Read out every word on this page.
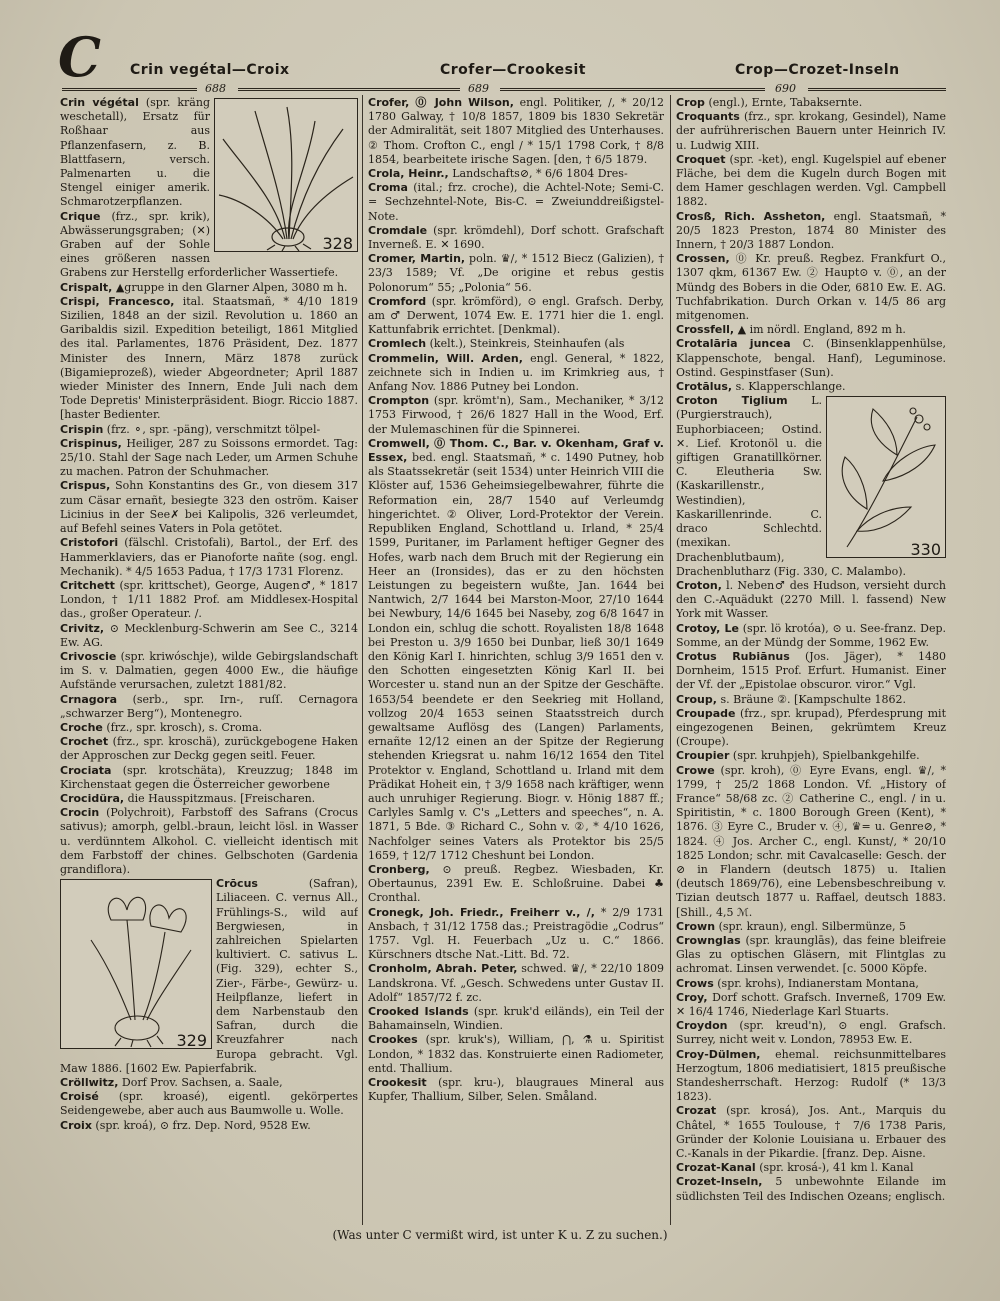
C Crin vegétal—Croix	Crofer—Crookesit	Crop—Crozet-Inseln
688	689	690
328
Crin végétal (spr. kräng weschetall), Ersatz für Roßhaar aus Pflanzenfasern, z. B. Blattfasern, versch. Palmenarten u. die Stengel einiger amerik. Schmarotzerpflanzen.
Crique (frz., spr. krik), Abwässerungsgraben; (✕) Graben auf der Sohle eines größeren nassen Grabens zur Herstellg erforderlicher Wassertiefe.
Crispalt, ▲gruppe in den Glarner Alpen, 3080 m h.
Crispi, Francesco, ital. Staatsmañ, * 4/10 1819 Sizilien, 1848 an der sizil. Revolution u. 1860 an Garibaldis sizil. Expedition beteiligt, 1861 Mitglied des ital. Parlamentes, 1876 Präsident, Dez. 1877 Minister des Innern, März 1878 zurück (Bigamieprozeß), wieder Abgeordneter; April 1887 wieder Minister des Innern, Ende Juli nach dem Tode Depretis' Ministerpräsident. Biogr. Riccio 1887. [haster Bedienter.
Crispin (frz. ⚬, spr. -päng), verschmitzt tölpel-
Crispinus, Heiliger, 287 zu Soissons ermordet. Tag: 25/10. Stahl der Sage nach Leder, um Armen Schuhe zu machen. Patron der Schuhmacher.
Crispus, Sohn Konstantins des Gr., von diesem 317 zum Cäsar ernañt, besiegte 323 den oström. Kaiser Licinius in der See✗ bei Kalipolis, 326 verleumdet, auf Befehl seines Vaters in Pola getötet.
Cristofori (fälschl. Cristofali), Bartol., der Erf. des Hammerklaviers, das er Pianoforte nañte (sog. engl. Mechanik). * 4/5 1653 Padua, † 17/3 1731 Florenz.
Critchett (spr. krittschet), George, Augen♂, * 1817 London, † 1/11 1882 Prof. am Middlesex-Hospital das., großer Operateur. /.
Crivitz, ⊙ Mecklenburg-Schwerin am See C., 3214 Ew. AG.
Crivoscie (spr. kriwóschje), wilde Gebirgslandschaft im S. v. Dalmatien, gegen 4000 Ew., die häufige Aufstände verursachen, zuletzt 1881/82.
Crnagora (serb., spr. Irn-, ruſſ. Cernagora „schwarzer Berg“), Montenegro.
Croche (frz., spr. krosch), s. Croma.
Crochet (frz., spr. kroschä), zurückgebogene Haken der Approschen zur Deckg gegen seitl. Feuer.
Crociata (spr. krotschäta), Kreuzzug; 1848 im Kirchenstaat gegen die Österreicher geworbene
Crocidüra, die Hausspitzmaus. [Freischaren.
Crocin (Polychroit), Farbstoff des Safrans (Crocus sativus); amorph, gelbl.-braun, leicht lösl. in Wasser u. verdünntem Alkohol. C. vielleicht identisch mit dem Farbstoff der chines. Gelbschoten (Gardenia grandiflora).
329
Crōcus	(Safran), Liliaceen. C. vernus All., Frühlings-S., wild auf Bergwiesen, in zahlreichen Spielarten kultiviert. C. sativus L. (Fig. 329), echter S., Zier-, Färbe-, Gewürz- u. Heilpflanze, liefert in dem Narbenstaub den Safran, durch die Kreuzfahrer nach Europa gebracht. Vgl. Maw 1886. [1602 Ew. Papierfabrik.
Cröllwitz, Dorf Prov. Sachsen, a. Saale,
Croisé (spr. kroasé), eigentl. gekörpertes Seidengewebe, aber auch aus Baumwolle u. Wolle.
Croix (spr. kroá), ⊙ frz. Dep. Nord, 9528 Ew.
Crofer, ⓪ John Wilson, engl. Politiker, /, * 20/12 1780 Galway, † 10/8 1857, 1809 bis 1830 Sekretär der Admiralität, seit 1807 Mitglied des Unterhauses. ② Thom. Crofton C., engl / * 15/1 1798 Cork, † 8/8 1854, bearbeitete irische Sagen. [den, † 6/5 1879.
Crola, Heinr., Landschafts⊘, * 6/6 1804 Dres-
Croma (ital.; frz. croche), die Achtel-Note; Semi-C. = Sechzehntel-Note, Bis-C. = Zweiunddreißigstel-Note.
Cromdale (spr. krömdehl), Dorf schott. Grafschaft Inverneß. E. ✕ 1690.
Cromer, Martin, poln. ♛/, * 1512 Biecz (Galizien), † 23/3 1589; Vf. „De origine et rebus gestis Polonorum“ 55; „Polonia“ 56.
Cromford (spr. krömförd), ⊙ engl. Grafsch. Derby, am ♂ Derwent, 1074 Ew. E. 1771 hier die 1. engl. Kattunfabrik errichtet. [Denkmal).
Cromlech (kelt.), Steinkreis, Steinhaufen (als
Crommelin, Will. Arden, engl. General, * 1822, zeichnete sich in Indien u. im Krimkrieg aus, † Anfang Nov. 1886 Putney bei London.
Crompton (spr. krömt'n), Sam., Mechaniker, * 3/12 1753 Firwood, † 26/6 1827 Hall in the Wood, Erf. der Mulemaschinen für die Spinnerei.
Cromwell, ⓪ Thom. C., Bar. v. Okenham, Graf v. Essex, bed. engl. Staatsmañ, * c. 1490 Putney, hob als Staatssekretär (seit 1534) unter Heinrich VIII die Klöster auf, 1536 Geheimsiegelbewahrer, führte die Reformation ein, 28/7 1540 auf Verleumdg hingerichtet. ② Oliver, Lord-Protektor der Verein. Republiken England, Schottland u. Irland, * 25/4 1599, Puritaner, im Parlament heftiger Gegner des Hofes, warb nach dem Bruch mit der Regierung ein Heer an (Ironsides), das er zu den höchsten Leistungen zu begeistern wußte, Jan. 1644 bei Nantwich, 2/7 1644 bei Marston-Moor, 27/10 1644 bei Newbury, 14/6 1645 bei Naseby, zog 6/8 1647 in London ein, schlug die schott. Royalisten 18/8 1648 bei Preston u. 3/9 1650 bei Dunbar, ließ 30/1 1649 den König Karl I. hinrichten, schlug 3/9 1651 den v. den Schotten eingesetzten König Karl II. bei Worcester u. stand nun an der Spitze der Geschäfte. 1653/54 beendete er den Seekrieg mit Holland, vollzog 20/4 1653 seinen Staatsstreich durch gewaltsame Auflösg des (Langen) Parlaments, ernañte 12/12 einen an der Spitze der Regierung stehenden Kriegsrat u. nahm 16/12 1654 den Titel Protektor v. England, Schottland u. Irland mit dem Prädikat Hoheit ein, † 3/9 1658 nach kräftiger, wenn auch unruhiger Regierung. Biogr. v. Hönig 1887 ff.; Carlyles Samlg v. C's „Letters and speeches“, n. A. 1871, 5 Bde. ③ Richard C., Sohn v. ②, * 4/10 1626, Nachfolger seines Vaters als Protektor bis 25/5 1659, † 12/7 1712 Cheshunt bei London.
Cronberg, ⊙ preuß. Regbez. Wiesbaden, Kr. Obertaunus, 2391 Ew. E. Schloßruine. Dabei ♣ Cronthal.
Cronegk, Joh. Friedr., Freiherr v., /, * 2/9 1731 Ansbach, † 31/12 1758 das.; Preistragödie „Codrus“ 1757. Vgl. H. Feuerbach „Uz u. C.“ 1866. Kürschners dtsche Nat.-Litt. Bd. 72.
Cronholm, Abrah. Peter, schwed. ♛/, * 22/10 1809 Landskrona. Vf. „Gesch. Schwedens unter Gustav II. Adolf“ 1857/72 f. zc.
Crooked Islands (spr. kruk'd eiländs), ein Teil der Bahamainseln, Windien.
Crookes (spr. kruk's), William, ⋂, ⚗ u. Spiritist London, * 1832 das. Konstruierte einen Radiometer, entd. Thallium.
Crookesit (spr. kru-), blaugraues Mineral aus Kupfer, Thallium, Silber, Selen. Småland.
Crop (engl.), Ernte, Tabaksernte.
Croquants (frz., spr. krokang, Gesindel), Name der aufrührerischen Bauern unter Heinrich IV. u. Ludwig XIII.
Croquet (spr. -ket), engl. Kugelspiel auf ebener Fläche, bei dem die Kugeln durch Bogen mit dem Hamer geschlagen werden. Vgl. Campbell 1882.
Crosß, Rich. Assheton, engl. Staatsmañ, * 20/5 1823 Preston, 1874 80 Minister des Innern, † 20/3 1887 London.
Crossen, ⓪ Kr. preuß. Regbez. Frankfurt O., 1307 qkm, 61367 Ew. ② Haupt⊙ v. ⓪, an der Mündg des Bobers in die Oder, 6810 Ew. E. AG. Tuchfabrikation. Durch Orkan v. 14/5 86 arg mitgenomen.
Crossfell, ▲ im nördl. England, 892 m h.
Crotalāria juncea C. (Binsenklappenhülse, Klappenschote, bengal. Hanf), Leguminose. Ostind. Gespinstfaser (Sun).
Crotālus, s. Klapperschlange.
330
Croton Tiglium L. (Purgierstrauch), Euphorbiaceen; Ostind. ✕. Lief. Krotonöl u. die giftigen Granatillkörner. C. Eleutheria Sw. (Kaskarillenstr., Westindien), Kaskarillenrinde. C. draco Schlechtd. (mexikan. Drachenblutbaum), Drachenblutharz (Fig. 330, C. Malambo).
Croton, l. Neben♂ des Hudson, versieht durch den C.-Aquädukt (2270 Mill. l. fassend) New York mit Wasser.
Crotoy, Le (spr. lö krotóa), ⊙ u. See-franz. Dep. Somme, an der Mündg der Somme, 1962 Ew.
Crotus Rubiānus (Jos. Jäger), * 1480 Dornheim, 1515 Prof. Erfurt. Humanist. Einer der Vf. der „Epistolae obscuror. viror.“ Vgl.
Croup, s. Bräune ②. [Kampschulte 1862.
Croupade (frz., spr. krupad), Pferdesprung mit eingezogenen Beinen, gekrümtem Kreuz (Croupe).
Croupier (spr. kruhpjeh), Spielbankgehilfe.
Crowe (spr. kroh), ⓪ Eyre Evans, engl. ♛/, * 1799, † 25/2 1868 London. Vf. „History of France“ 58/68 zc. ② Catherine C., engl. / in u. Spiritistin, * c. 1800 Borough Green (Kent), * 1876. ③ Eyre C., Bruder v. ④, ♛= u. Genre⊘, * 1824. ④ Jos. Archer C., engl. Kunst/, * 20/10 1825 London; schr. mit Cavalcaselle: Gesch. der ⊘ in Flandern (deutsch 1875) u. Italien (deutsch 1869/76), eine Lebensbeschreibung v. Tizian deutsch 1877 u. Raffael, deutsch 1883. [Shill., 4,5 ℳ.
Crown (spr. kraun), engl. Silbermünze, 5
Crownglas (spr. kraunglās), das feine bleifreie Glas zu optischen Gläsern, mit Flintglas zu achromat. Linsen verwendet. [c. 5000 Köpfe.
Crows (spr. krohs), Indianerstam Montana,
Croy, Dorf schott. Grafsch. Inverneß, 1709 Ew. ✕ 16/4 1746, Niederlage Karl Stuarts.
Croydon (spr. kreud'n), ⊙ engl. Grafsch. Surrey, nicht weit v. London, 78953 Ew. E.
Croy-Dülmen, ehemal. reichsunmittelbares Herzogtum, 1806 mediatisiert, 1815 preußische Standesherrschaft. Herzog: Rudolf (* 13/3 1823).
Crozat (spr. krosá), Jos. Ant., Marquis du Châtel, * 1655 Toulouse, † 7/6 1738 Paris, Gründer der Kolonie Louisiana u. Erbauer des C.-Kanals in der Pikardie. [franz. Dep. Aisne.
Crozat-Kanal (spr. krosá-), 41 km l. Kanal
Crozet-Inseln, 5 unbewohnte Eilande im südlichsten Teil des Indischen Ozeans; englisch.
(Was unter C vermißt wird, ist unter K u. Z zu suchen.)
